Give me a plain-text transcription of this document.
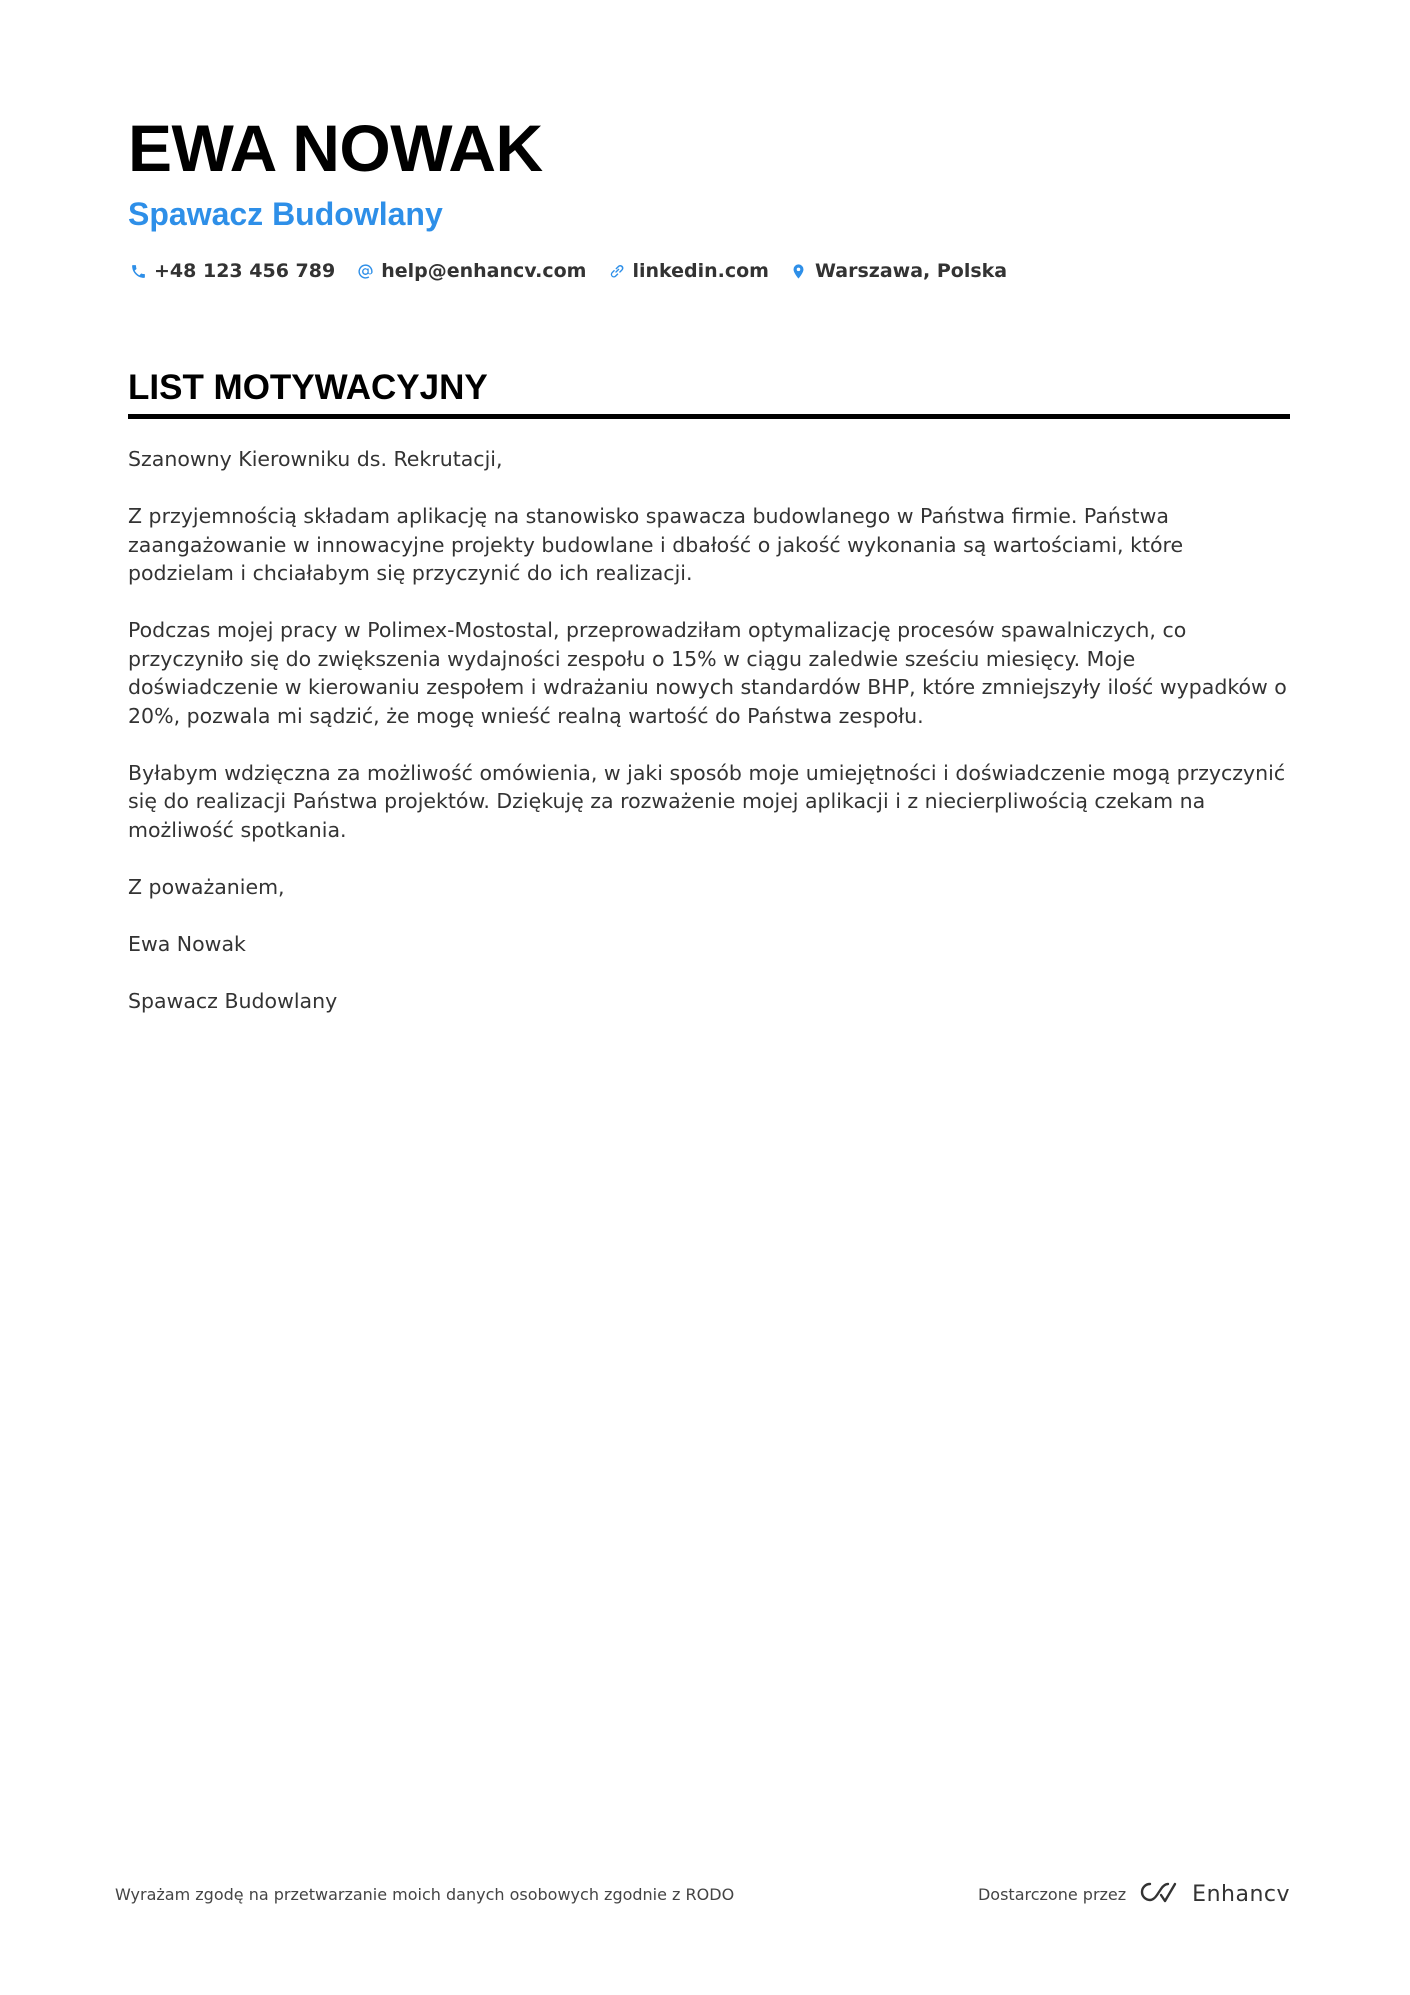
EWA NOWAK
Spawacz Budowlany
+48 123 456 789 help@enhancv.com linkedin.com Warszawa, Polska
LIST MOTYWACYJNY

Szanowny Kierowniku ds. Rekrutacji,

Z przyjemnością składam aplikację na stanowisko spawacza budowlanego w Państwa firmie. Państwa zaangażowanie w innowacyjne projekty budowlane i dbałość o jakość wykonania są wartościami, które podzielam i chciałabym się przyczynić do ich realizacji.

Podczas mojej pracy w Polimex-Mostostal, przeprowadziłam optymalizację procesów spawalniczych, co przyczyniło się do zwiększenia wydajności zespołu o 15% w ciągu zaledwie sześciu miesięcy. Moje doświadczenie w kierowaniu zespołem i wdrażaniu nowych standardów BHP, które zmniejszyły ilość wypadków o 20%, pozwala mi sądzić, że mogę wnieść realną wartość do Państwa zespołu.

Byłabym wdzięczna za możliwość omówienia, w jaki sposób moje umiejętności i doświadczenie mogą przyczynić się do realizacji Państwa projektów. Dziękuję za rozważenie mojej aplikacji i z niecierpliwością czekam na możliwość spotkania.

Z poważaniem,

Ewa Nowak

Spawacz Budowlany

Wyrażam zgodę na przetwarzanie moich danych osobowych zgodnie z RODO	Dostarczone przez	Enhancv
